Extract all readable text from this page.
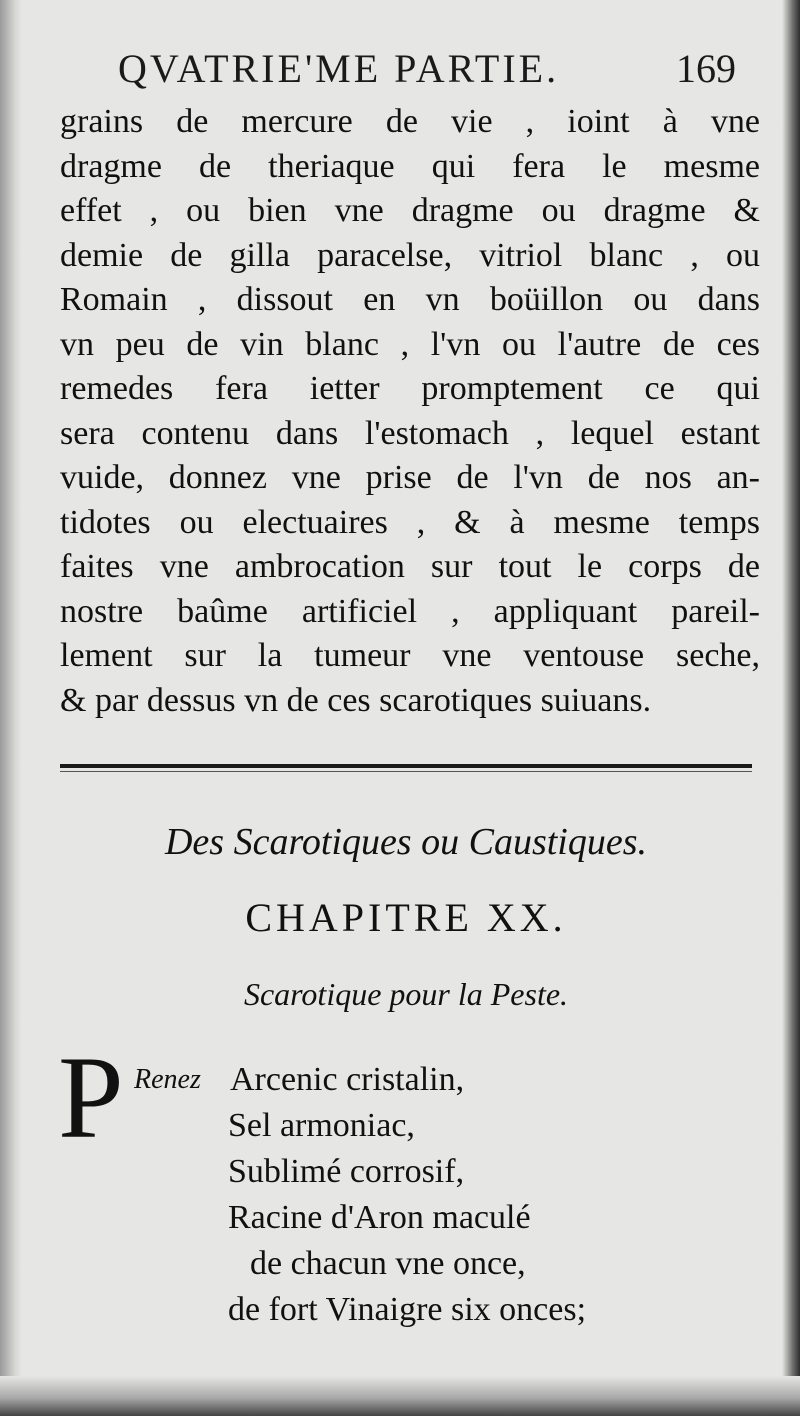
QVATRIE'ME PARTIE.	169
grains de mercure de vie , ioint à vne
dragme de theriaque qui fera le mesme
effet , ou bien vne dragme ou dragme &
demie de gilla paracelse, vitriol blanc , ou
Romain , dissout en vn boüillon ou dans
vn peu de vin blanc , l'vn ou l'autre de ces
remedes fera ietter promptement ce qui
sera contenu dans l'estomach , lequel estant
vuide, donnez vne prise de l'vn de nos an-
tidotes ou electuaires , & à mesme temps
faites vne ambrocation sur tout le corps de
nostre baûme artificiel , appliquant pareil-
lement sur la tumeur vne ventouse seche,
& par dessus vn de ces scarotiques suiuans.
Des Scarotiques ou Caustiques.
CHAPITRE XX.
Scarotique pour la Peste.
P Renez Arcenic cristalin,
Sel armoniac,
Sublimé corrosif,
Racine d'Aron maculé
de chacun vne once,
de fort Vinaigre six onces;
